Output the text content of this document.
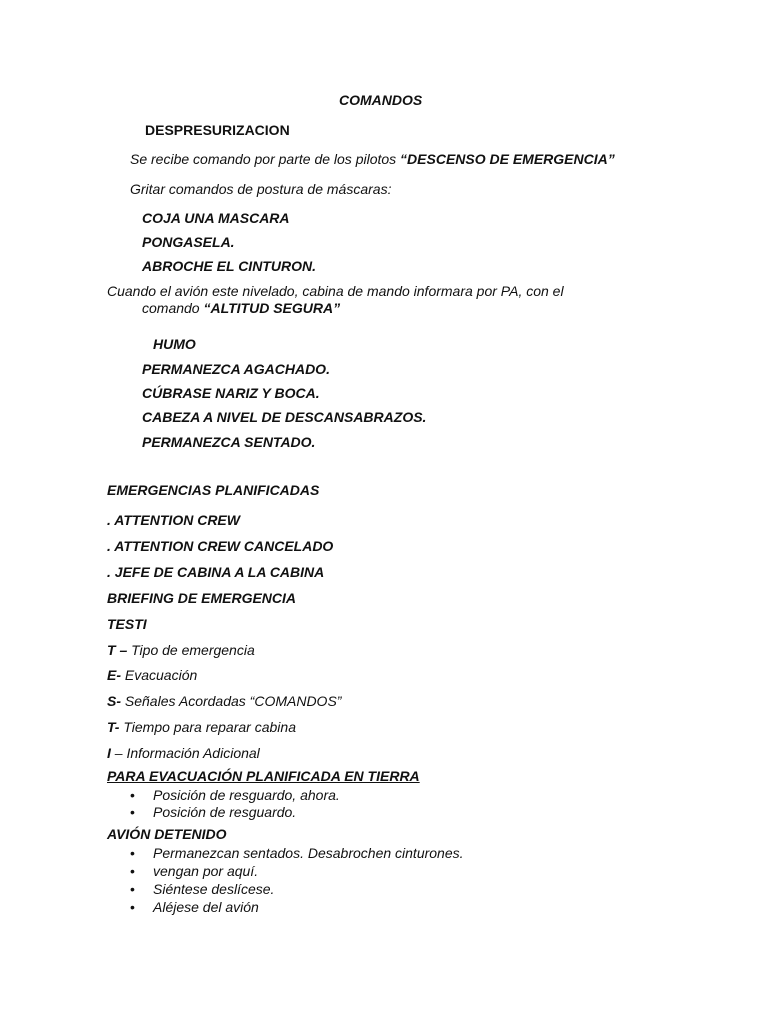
COMANDOS
DESPRESURIZACION
Se recibe comando por parte de los pilotos “DESCENSO DE EMERGENCIA”
Gritar comandos de postura de máscaras:
COJA UNA MASCARA
PONGASELA.
ABROCHE EL CINTURON.
Cuando el avión este nivelado, cabina de mando informara por PA, con el
comando “ALTITUD SEGURA”
HUMO
PERMANEZCA AGACHADO.
CÚBRASE NARIZ Y BOCA.
CABEZA A NIVEL DE DESCANSABRAZOS.
PERMANEZCA SENTADO.
EMERGENCIAS PLANIFICADAS
. ATTENTION CREW
. ATTENTION CREW CANCELADO
. JEFE DE CABINA A LA CABINA
BRIEFING DE EMERGENCIA
TESTI
T – Tipo de emergencia
E- Evacuación
S- Señales Acordadas “COMANDOS”
T- Tiempo para reparar cabina
I – Información Adicional
PARA EVACUACIÓN PLANIFICADA EN TIERRA
• Posición de resguardo, ahora.
• Posición de resguardo.
AVIÓN DETENIDO
• Permanezcan sentados. Desabrochen cinturones.
• vengan por aquí.
• Siéntese deslícese.
• Aléjese del avión
